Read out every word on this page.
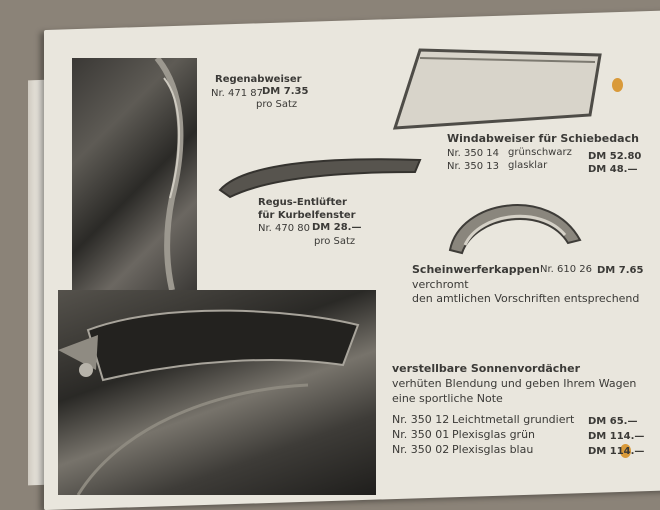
Regenabweiser
Nr. 471 87
DM 7.35
pro Satz
Windabweiser für Schiebedach
Nr. 350 14 grünschwarz DM 52.80
Nr. 350 13 glasklar	DM 48.—
Regus-Entlüfter
für Kurbelfenster
Nr. 470 80 DM 28.—
pro Satz
Scheinwerferkappen Nr. 610 26 DM 7.65
verchromt
den amtlichen Vorschriften entsprechend
verstellbare Sonnenvordächer
verhüten Blendung und geben Ihrem Wagen
eine sportliche Note
Nr. 350 12 Leichtmetall grundiert DM 65.—
Nr. 350 01 Plexisglas grün	DM 114.—
Nr. 350 02 Plexisglas blau	DM 114.—
